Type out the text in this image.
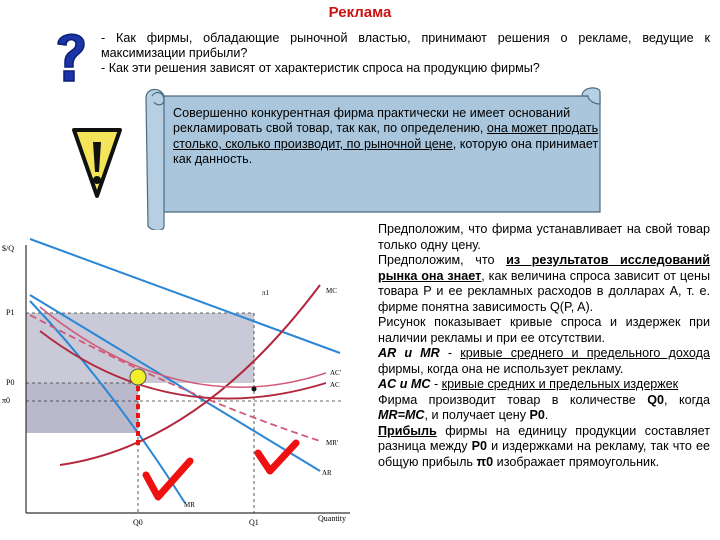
Реклама
- Как фирмы, обладающие рыночной властью, принимают решения о рекламе, ведущие к максимизации прибыли?
- Как эти решения зависят от характеристик спроса на продукцию фирмы?
Совершенно конкурентная фирма практически не имеет оснований рекламировать свой товар, так как, по определению, она может продать столько, сколько производит, по рыночной цене, которую она принимает как данность.
$/Q
Quantity
P1
P0
π0
Q0	Q1
MC
AC
AC'
AR
MR
MR'
π1

Предположим, что фирма устанавливает на свой товар только одну цену.

Предположим, что из результатов исследований рынка она знает, как величина спроса зависит от цены товара P и ее рекламных расходов в долларах A, т. е. фирме понятна зависимость Q(P, A).

Рисунок показывает кривые спроса и издержек при наличии рекламы и при ее отсутствии.

AR и MR - кривые среднего и предельного дохода фирмы, когда она не использует рекламу.

AC и MC - кривые средних и предельных издержек

Фирма производит товар в количестве Q0, когда MR=MC, и получает цену P0.

Прибыль фирмы на единицу продукции составляет разница между P0 и издержками на рекламу, так что ее общую прибыль π0 изображает прямоугольник.
